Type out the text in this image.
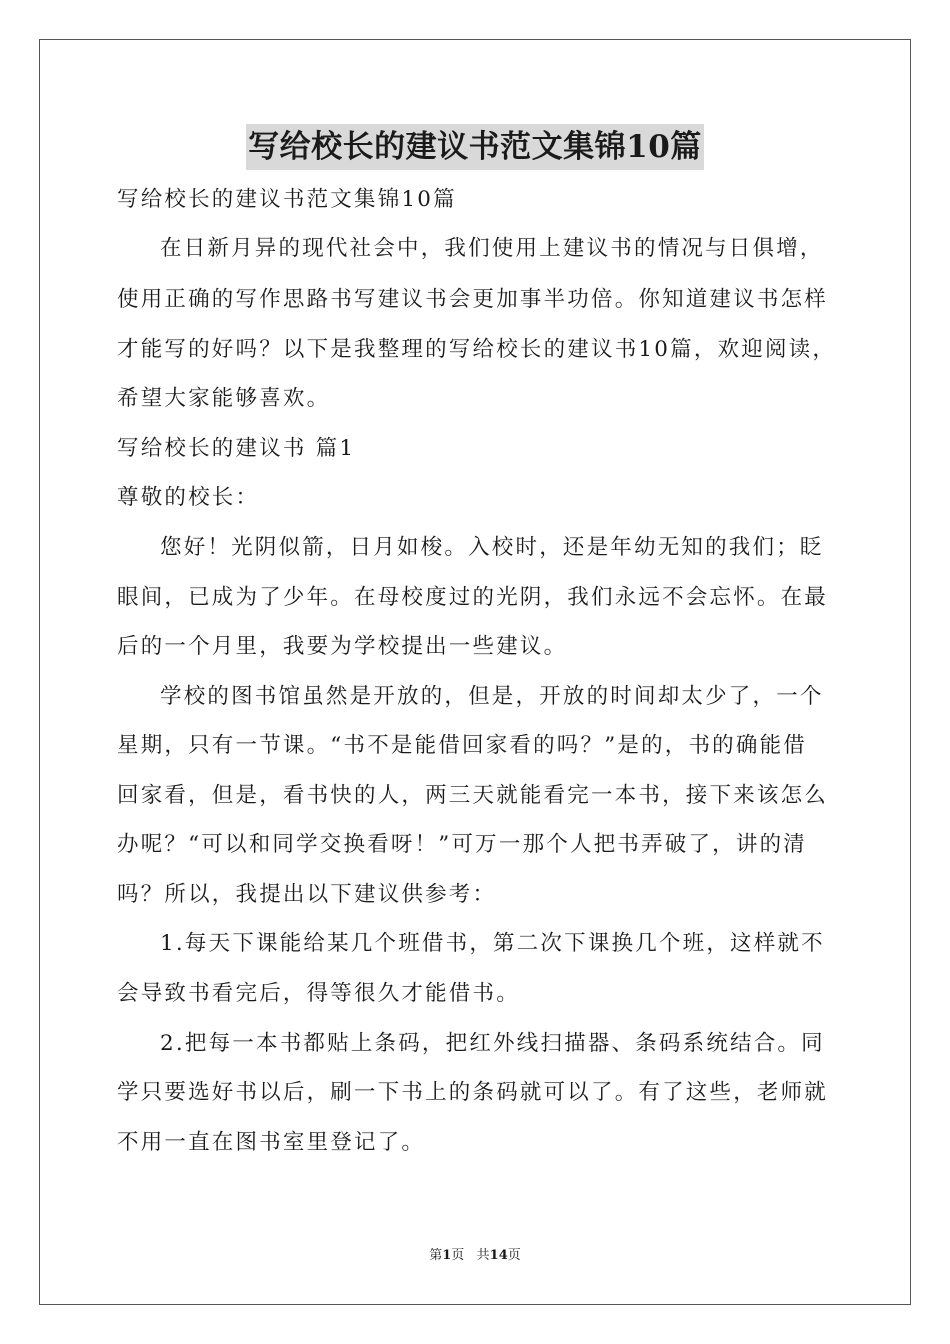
写给校长的建议书范文集锦10篇
写给校长的建议书范文集锦10篇
在日新月异的现代社会中，我们使用上建议书的情况与日俱增，
使用正确的写作思路书写建议书会更加事半功倍。你知道建议书怎样
才能写的好吗？以下是我整理的写给校长的建议书10篇，欢迎阅读，
希望大家能够喜欢。
写给校长的建议书 篇1
尊敬的校长：
您好！光阴似箭，日月如梭。入校时，还是年幼无知的我们；眨
眼间，已成为了少年。在母校度过的光阴，我们永远不会忘怀。在最
后的一个月里，我要为学校提出一些建议。
学校的图书馆虽然是开放的，但是，开放的时间却太少了，一个
星期，只有一节课。“书不是能借回家看的吗？”是的，书的确能借
回家看，但是，看书快的人，两三天就能看完一本书，接下来该怎么
办呢？“可以和同学交换看呀！”可万一那个人把书弄破了，讲的清
吗？所以，我提出以下建议供参考：
1.每天下课能给某几个班借书，第二次下课换几个班，这样就不
会导致书看完后，得等很久才能借书。
2.把每一本书都贴上条码，把红外线扫描器、条码系统结合。同
学只要选好书以后，刷一下书上的条码就可以了。有了这些，老师就
不用一直在图书室里登记了。
第1页   共14页
